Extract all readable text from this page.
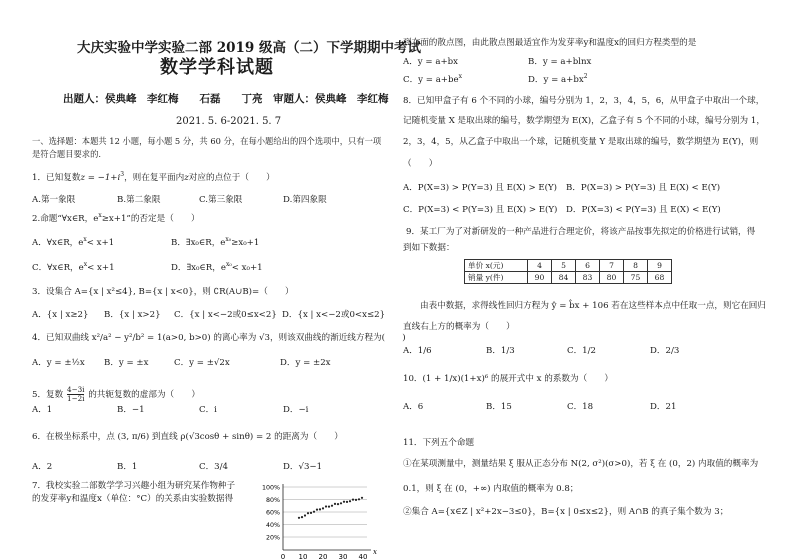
大庆实验中学实验二部 2019 级高（二）下学期期中考试
数学学科试题
出题人：侯典峰　李红梅　　石磊　　丁亮　审题人：侯典峰　李红梅
2021. 5. 6-2021. 5. 7
一、选择题：本题共 12 小题，每小题 5 分，共 60 分，在每小题给出的四个选项中，只有一项
是符合题目要求的.
1．已知复数$z = -1+i^3$，则在复平面内z对应的点位于（　　）
A.第一象限	B.第二象限	C.第三象限	D.第四象限
2.命题“∀x∈R，$e^x\ge x+1$”的否定是（　　）
A．∀x∈R，$e^x< x+1$	B．∃x₀∈R，$e^{x_0}\ge x_0+1$
C．∀x∈R，$e^x< x+1$	D．∃x₀∈R，$e^{x_0}< x_0+1$
3．设集合 A={x | x²≤4}, B={x | x<0}，则 ∁R(A∪B)=（　　）
A．{x | x≥2} B．{x | x>2} C．{x | x<−2或0≤x<2} D．{x | x<−2或0<x≤2}
4．已知双曲线 x²/a² − y²/b² = 1(a>0, b>0) 的离心率为 √3，则该双曲线的渐近线方程为(　　)
A．y = ±½x B．y = ±x	C．y = ±√2x	D．y = ±2x
5．复数 $\frac{4-3i}{1-2i}$ 的共轭复数的虚部为（　　）
A．1	B．−1	C．i	D．−i
6．在极坐标系中，点 (3, π/6) 到直线 ρ(√3cosθ + sinθ) = 2 的距离为（　　）
A．2	B．1	C．3/4	D．√3−1
7．我校实验二部数学学习兴趣小组为研究某作物种子
的发芽率y和温度x（单位：°C）的关系由实验数据得
100%
80%
60%
40%
20%
0 10 20 30 40
x
到右面的散点图，由此散点图最适宜作为发芽率y和温度x的回归方程类型的是
A．y = a+bx	B．y = a+blnx
C．$y = a+be^x$	D．$y = a+bx^2$
8．已知甲盒子有 6 个不同的小球，编号分别为 1，2，3，4，5，6，从甲盒子中取出一个球，
记随机变量 X 是取出球的编号，数学期望为 E(X)，乙盒子有 5 个不同的小球，编号分别为 1，
2，3，4，5，从乙盒子中取出一个球，记随机变量 Y 是取出球的编号，数学期望为 E(Y)，则
（　　）
A．P(X=3) > P(Y=3) 且 E(X) > E(Y) B．P(X=3) > P(Y=3) 且 E(X) < E(Y)
C．P(X=3) < P(Y=3) 且 E(X) > E(Y) D．P(X=3) < P(Y=3) 且 E(X) < E(Y)
9．某工厂为了对新研发的一种产品进行合理定价，将该产品按事先拟定的价格进行试销，得
到如下数据：
单价 x(元)	4	5	6	7	8	9
销量 y(件)	90	84	83	80	75	68
由表中数据，求得线性回归方程为 ŷ = b̂x + 106 若在这些样本点中任取一点，则它在回归
直线右上方的概率为（　　）
A．1/6	B．1/3	C．1/2	D．2/3
10．(1 + 1/x)(1+x)⁶ 的展开式中 x 的系数为（　　）
A．6	B．15	C．18	D．21
11．下列五个命题
①在某项测量中，测量结果 ξ 服从正态分布 N(2, σ²)(σ>0)，若 ξ 在 (0，2) 内取值的概率为
0.1，则 ξ 在 (0，+∞) 内取值的概率为 0.8；
②集合 A={x∈Z | x²+2x−3≤0}，B={x | 0≤x≤2}，则 A∩B 的真子集个数为 3；
